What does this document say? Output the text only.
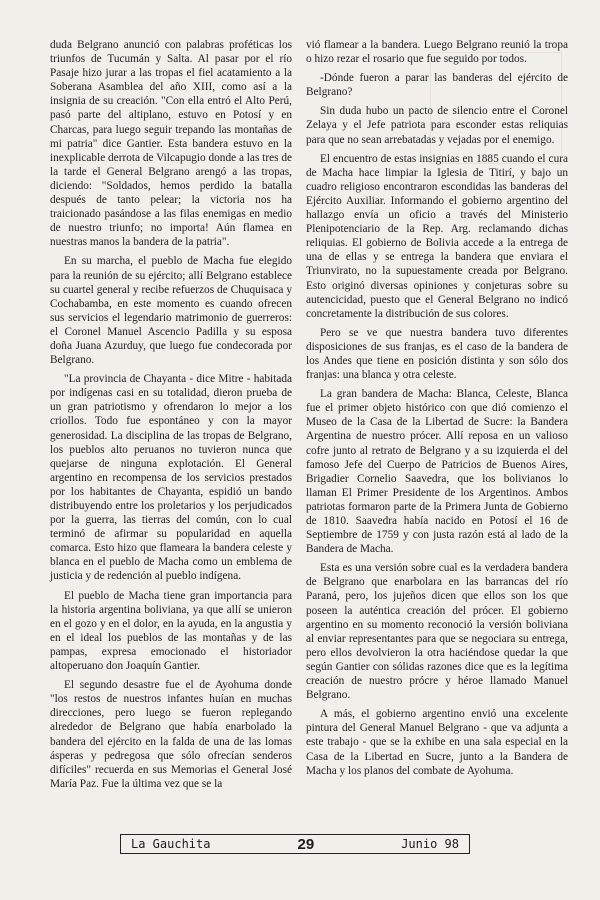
duda Belgrano anunció con palabras proféticas los triunfos de Tucumán y Salta. Al pasar por el río Pasaje hizo jurar a las tropas el fiel acatamiento a la Soberana Asamblea del año XIII, como así a la insignia de su creación. "Con ella entró el Alto Perú, pasó parte del altiplano, estuvo en Potosí y en Charcas, para luego seguir trepando las montañas de mi patria" dice Gantier. Esta bandera estuvo en la inexplicable derrota de Vilcapugio donde a las tres de la tarde el General Belgrano arengó a las tropas, diciendo: "Soldados, hemos perdido la batalla después de tanto pelear; la victoria nos ha traicionado pasándose a las filas enemigas en medio de nuestro triunfo; no importa! Aún flamea en nuestras manos la bandera de la patria".

En su marcha, el pueblo de Macha fue elegido para la reunión de su ejército; allí Belgrano establece su cuartel general y recibe refuerzos de Chuquisaca y Cochabamba, en este momento es cuando ofrecen sus servicios el legendario matrimonio de guerreros: el Coronel Manuel Ascencio Padilla y su esposa doña Juana Azurduy, que luego fue condecorada por Belgrano.

"La provincia de Chayanta - dice Mitre - habitada por indígenas casi en su totalidad, dieron prueba de un gran patriotismo y ofrendaron lo mejor a los criollos. Todo fue espontáneo y con la mayor generosidad. La disciplina de las tropas de Belgrano, los pueblos alto peruanos no tuvieron nunca que quejarse de ninguna explotación. El General argentino en recompensa de los servicios prestados por los habitantes de Chayanta, espidió un bando distribuyendo entre los proletarios y los perjudicados por la guerra, las tierras del común, con lo cual terminó de afirmar su popularidad en aquella comarca. Esto hizo que flameara la bandera celeste y blanca en el pueblo de Macha como un emblema de justicia y de redención al pueblo indígena.

El pueblo de Macha tiene gran importancia para la historia argentina boliviana, ya que allí se unieron en el gozo y en el dolor, en la ayuda, en la angustia y en el ideal los pueblos de las montañas y de las pampas, expresa emocionado el historiador altoperuano don Joaquín Gantier.

El segundo desastre fue el de Ayohuma donde "los restos de nuestros infantes huían en muchas direcciones, pero luego se fueron replegando alrededor de Belgrano que había enarbolado la bandera del ejército en la falda de una de las lomas ásperas y pedregosa que sólo ofrecían senderos difíciles" recuerda en sus Memorias el General José María Paz. Fue la última vez que se la

vió flamear a la bandera. Luego Belgrano reunió la tropa o hizo rezar el rosario que fue seguido por todos.

-Dónde fueron a parar las banderas del ejército de Belgrano?

Sin duda hubo un pacto de silencio entre el Coronel Zelaya y el Jefe patriota para esconder estas reliquias para que no sean arrebatadas y vejadas por el enemigo.

El encuentro de estas insignias en 1885 cuando el cura de Macha hace limpiar la Iglesia de Titirí, y bajo un cuadro religioso encontraron escondidas las banderas del Ejército Auxiliar. Informando el gobierno argentino del hallazgo envía un oficio a través del Ministerio Plenipotenciario de la Rep. Arg. reclamando dichas reliquias. El gobierno de Bolivia accede a la entrega de una de ellas y se entrega la bandera que enviara el Triunvirato, no la supuestamente creada por Belgrano. Esto originó diversas opiniones y conjeturas sobre su autencicidad, puesto que el General Belgrano no indicó concretamente la distribución de sus colores.

Pero se ve que nuestra bandera tuvo diferentes disposiciones de sus franjas, es el caso de la bandera de los Andes que tiene en posición distinta y son sólo dos franjas: una blanca y otra celeste.

La gran bandera de Macha: Blanca, Celeste, Blanca fue el primer objeto histórico con que dió comienzo el Museo de la Casa de la Libertad de Sucre: la Bandera Argentina de nuestro prócer. Allí reposa en un valioso cofre junto al retrato de Belgrano y a su izquierda el del famoso Jefe del Cuerpo de Patricios de Buenos Aires, Brigadier Cornelio Saavedra, que los bolivianos lo llaman El Primer Presidente de los Argentinos. Ambos patriotas formaron parte de la Primera Junta de Gobierno de 1810. Saavedra había nacido en Potosí el 16 de Septiembre de 1759 y con justa razón está al lado de la Bandera de Macha.

Esta es una versión sobre cual es la verdadera bandera de Belgrano que enarbolara en las barrancas del río Paraná, pero, los jujeños dicen que ellos son los que poseen la auténtica creación del prócer. El gobierno argentino en su momento reconoció la versión boliviana al enviar representantes para que se negociara su entrega, pero ellos devolvieron la otra haciéndose quedar la que según Gantier con sólidas razones dice que es la legítima creación de nuestro prócre y héroe llamado Manuel Belgrano.

A más, el gobierno argentino envió una excelente pintura del General Manuel Belgrano - que va adjunta a este trabajo - que se la exhibe en una sala especial en la Casa de la Libertad en Sucre, junto a la Bandera de Macha y los planos del combate de Ayohuma.

La Gauchita	29	Junio 98
